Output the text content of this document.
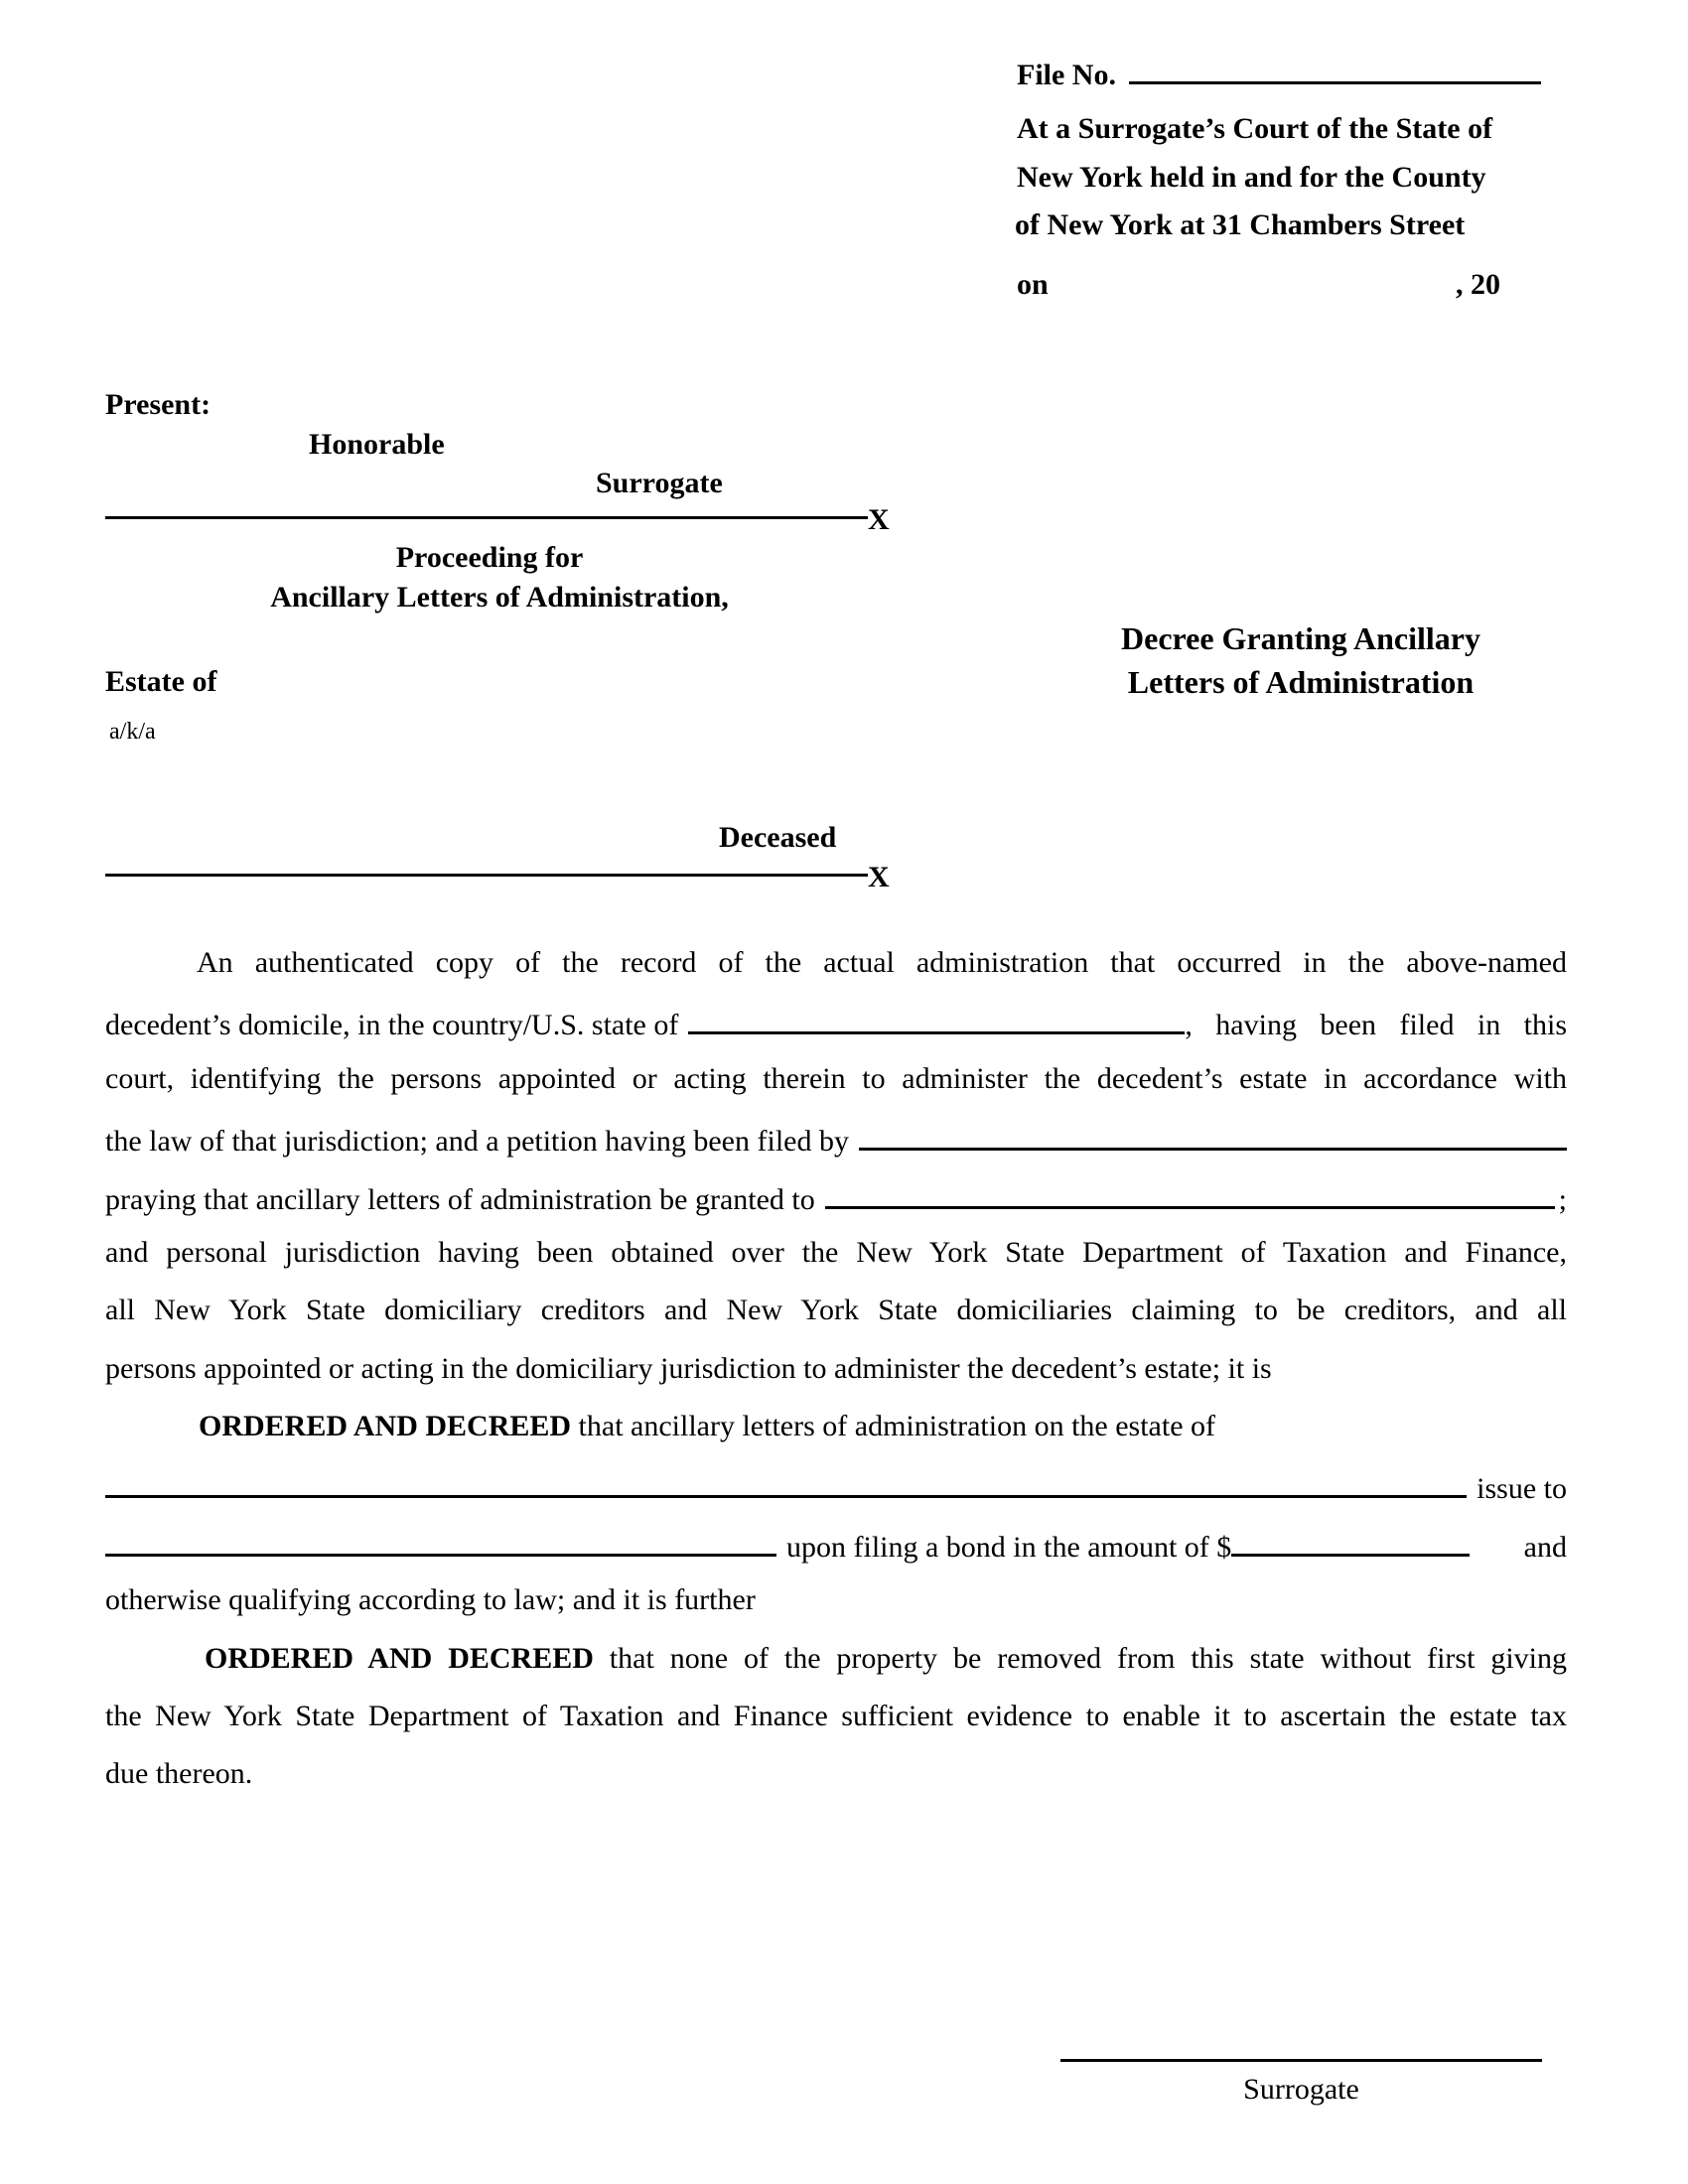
File No.
At a Surrogate’s Court of the State of
New York held in and for the County
of New York at 31 Chambers Street
on	, 20
Present:
Honorable
Surrogate
X
Proceeding for
Ancillary Letters of Administration,
Estate of
a/k/a
Deceased
X
Decree Granting Ancillary
Letters of Administration
An authenticated copy of the record of the actual administration that occurred in the above-named
decedent’s domicile, in the country/U.S. state of	, having been filed in this
court, identifying the persons appointed or acting therein to administer the decedent’s estate in accordance with
the law of that jurisdiction; and a petition having been filed by
praying that ancillary letters of administration be granted to	;
and personal jurisdiction having been obtained over the New York State Department of Taxation and Finance,
all New York State domiciliary creditors and New York State domiciliaries claiming to be creditors, and all
persons appointed or acting in the domiciliary jurisdiction to administer the decedent’s estate; it is
ORDERED AND DECREED that ancillary letters of administration on the estate of
issue to
upon filing a bond in the amount of $	and
otherwise qualifying according to law; and it is further
ORDERED AND DECREED that none of the property be removed from this state without first giving
the New York State Department of Taxation and Finance sufficient evidence to enable it to ascertain the estate tax
due thereon.
Surrogate
